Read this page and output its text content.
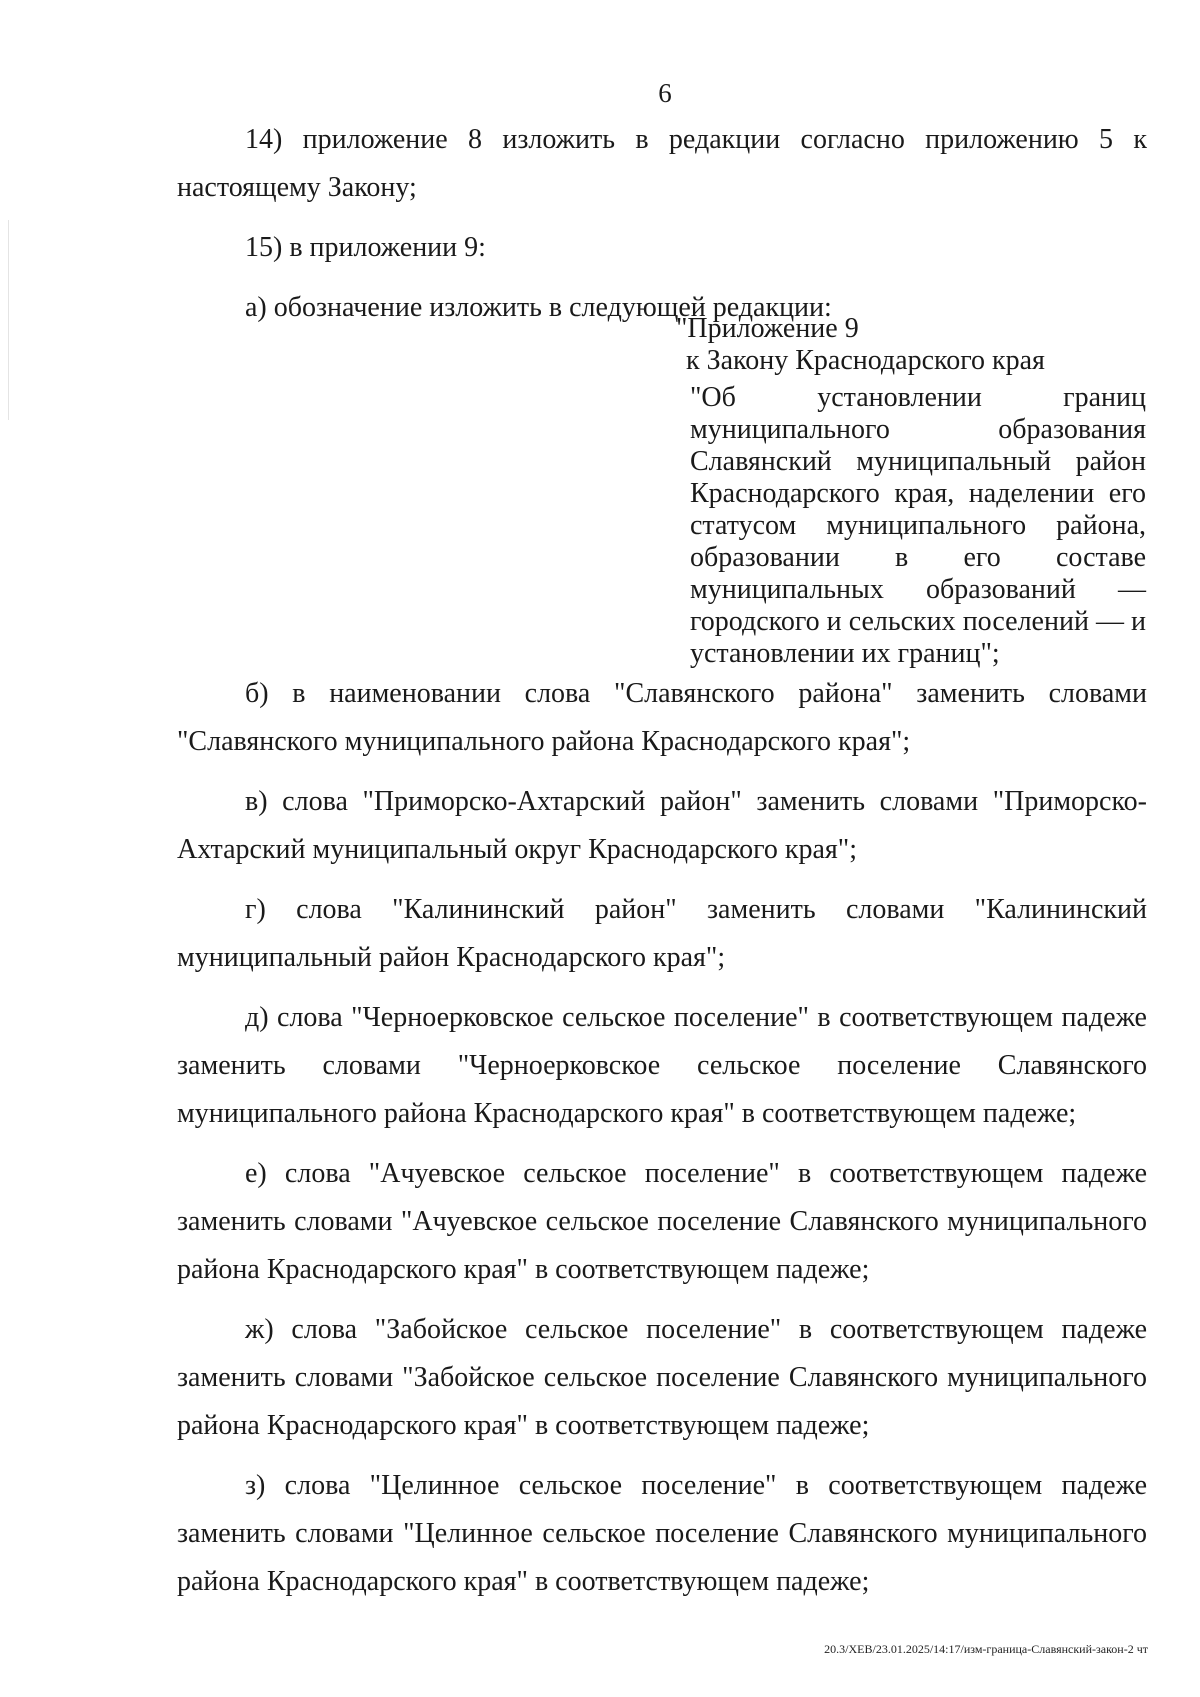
6

14) приложение 8 изложить в редакции согласно приложению 5 к настоящему Закону;

15) в приложении 9:

а) обозначение изложить в следующей редакции:

"Приложение 9
к Закону Краснодарского края
"Об установлении границ муниципального образования Славянский муниципальный район Краснодарского края, наделении его статусом муниципального района, образовании в его составе муниципальных образований — городского и сельских поселений — и установлении их границ";

б) в наименовании слова "Славянского района" заменить словами "Славянского муниципального района Краснодарского края";

в) слова "Приморско-Ахтарский район" заменить словами "Приморско-Ахтарский муниципальный округ Краснодарского края";

г) слова "Калининский район" заменить словами "Калининский муниципальный район Краснодарского края";

д) слова "Черноерковское сельское поселение" в соответствующем падеже заменить словами "Черноерковское сельское поселение Славянского муниципального района Краснодарского края" в соответствующем падеже;

е) слова "Ачуевское сельское поселение" в соответствующем падеже заменить словами "Ачуевское сельское поселение Славянского муниципального района Краснодарского края" в соответствующем падеже;

ж) слова "Забойское сельское поселение" в соответствующем падеже заменить словами "Забойское сельское поселение Славянского муниципального района Краснодарского края" в соответствующем падеже;

з) слова "Целинное сельское поселение" в соответствующем падеже заменить словами "Целинное сельское поселение Славянского муниципального района Краснодарского края" в соответствующем падеже;

20.3/ХЕВ/23.01.2025/14:17/изм-граница-Славянский-закон-2 чт
